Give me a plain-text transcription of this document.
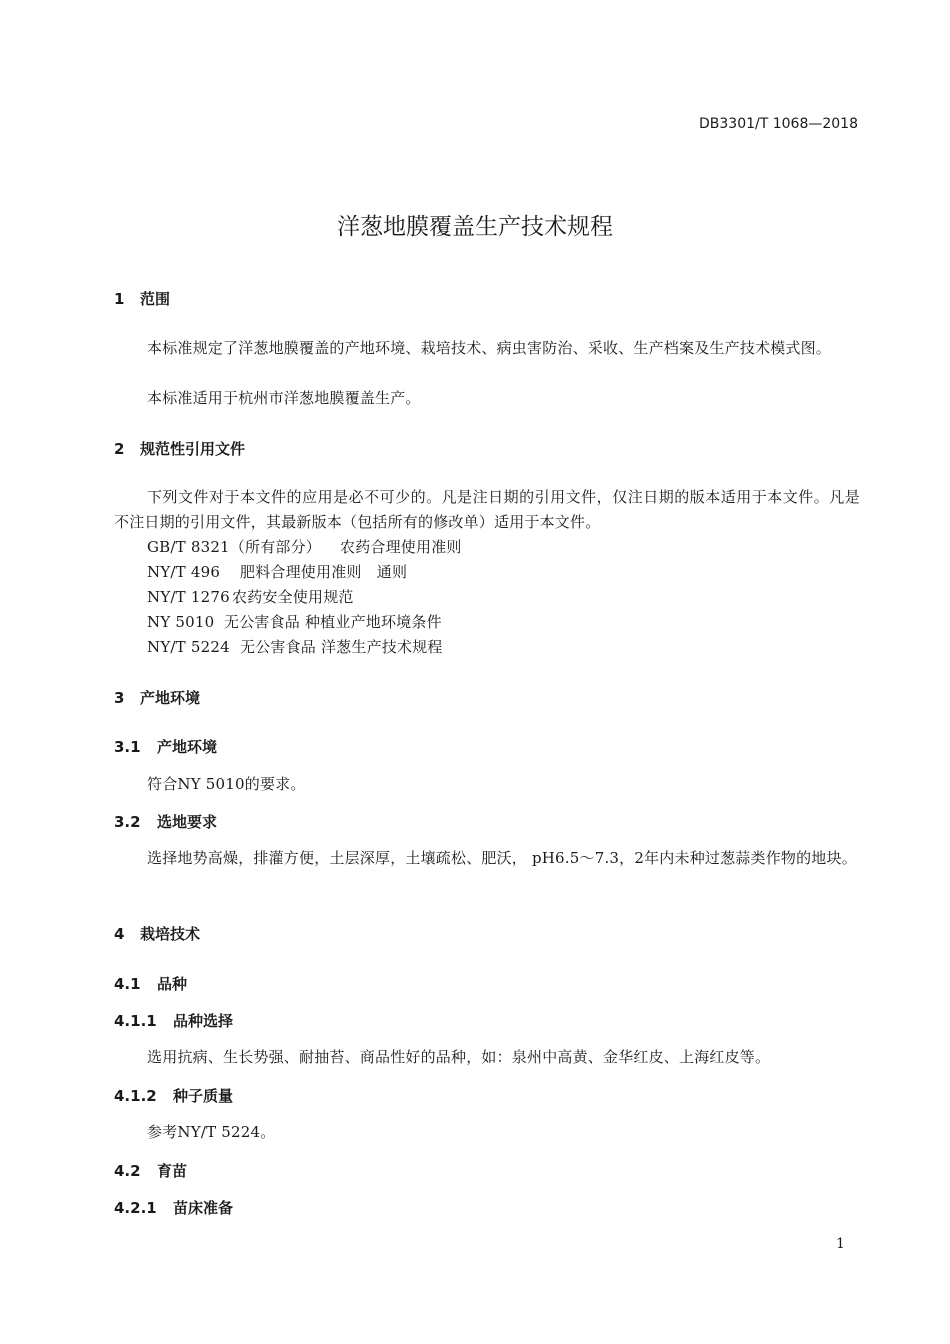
DB3301/T 1068—2018
洋葱地膜覆盖生产技术规程
1 范围
本标准规定了洋葱地膜覆盖的产地环境、栽培技术、病虫害防治、采收、生产档案及生产技术模式图。
本标准适用于杭州市洋葱地膜覆盖生产。
2 规范性引用文件
下列文件对于本文件的应用是必不可少的。凡是注日期的引用文件，仅注日期的版本适用于本文件。凡是不注日期的引用文件，其最新版本（包括所有的修改单）适用于本文件。
GB/T 8321（所有部分） 农药合理使用准则
NY/T 496 肥料合理使用准则　通则
NY/T 1276 农药安全使用规范
NY 5010 无公害食品 种植业产地环境条件
NY/T 5224 无公害食品 洋葱生产技术规程
3 产地环境
3.1 产地环境
符合NY 5010的要求。
3.2 选地要求
选择地势高燥，排灌方便，土层深厚，土壤疏松、肥沃， pH6.5～7.3，2年内未种过葱蒜类作物的地块。
4 栽培技术
4.1 品种
4.1.1 品种选择
选用抗病、生长势强、耐抽苔、商品性好的品种，如：泉州中高黄、金华红皮、上海红皮等。
4.1.2 种子质量
参考NY/T 5224。
4.2 育苗
4.2.1 苗床准备
1
